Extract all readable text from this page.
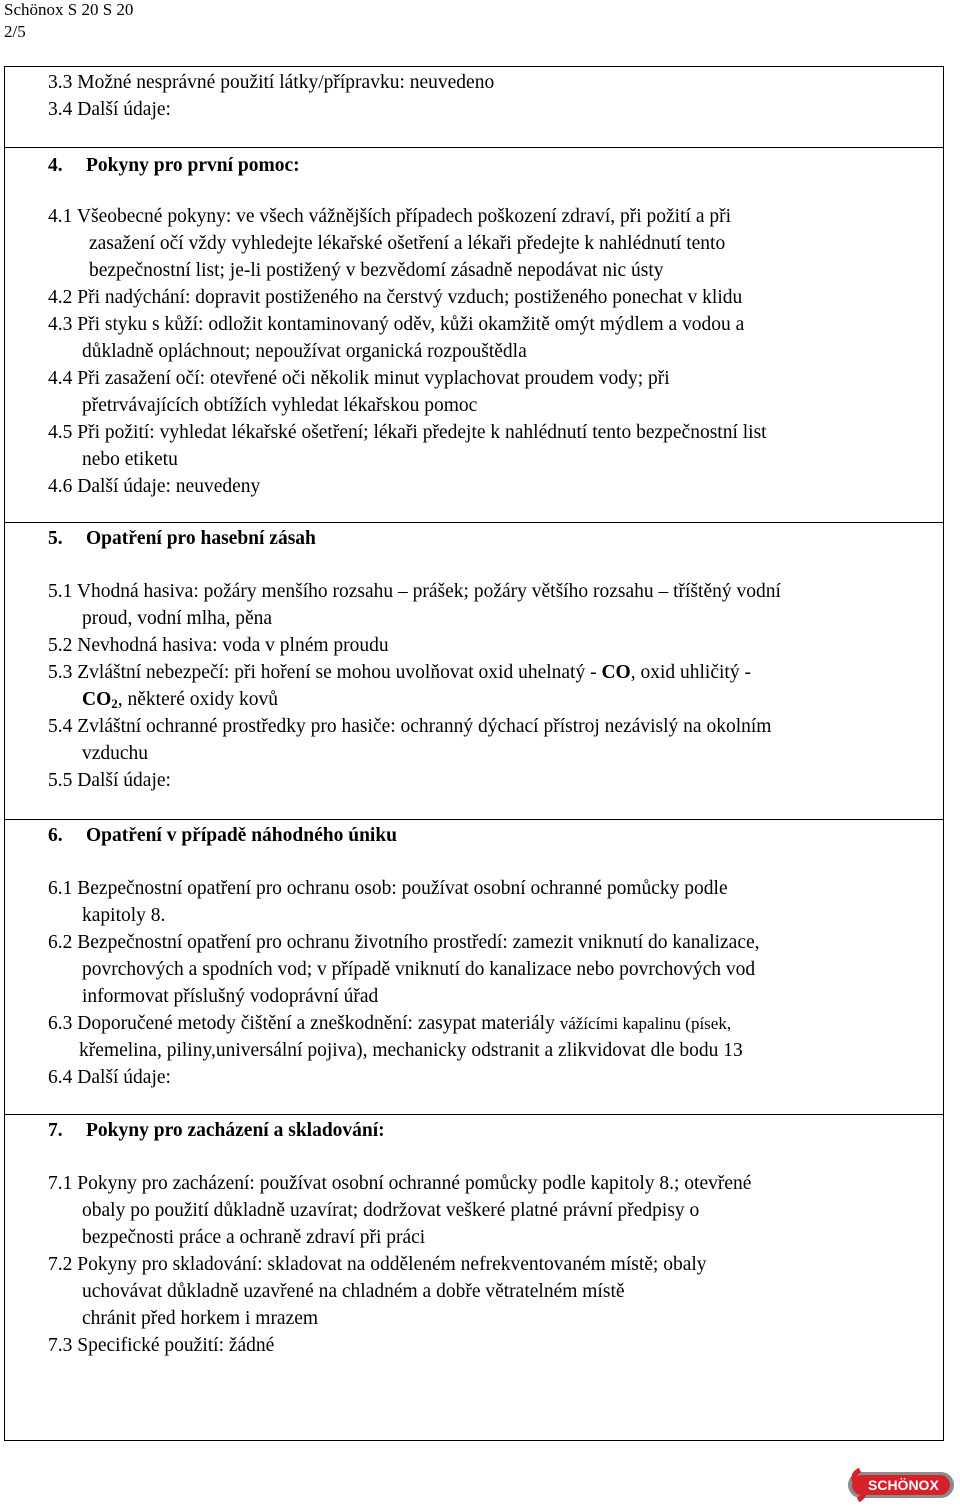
Schönox S 20 S 20
2/5
3.3 Možné nesprávné použití látky/přípravku: neuvedeno
3.4 Další údaje:
4. Pokyny pro první pomoc:
4.1 Všeobecné pokyny: ve všech vážnějších případech poškození zdraví, při požití a při
zasažení očí vždy vyhledejte lékařské ošetření a lékaři předejte k nahlédnutí tento
bezpečnostní list; je-li postižený v bezvědomí zásadně nepodávat nic ústy
4.2 Při nadýchání: dopravit postiženého na čerstvý vzduch; postiženého ponechat v klidu
4.3 Při styku s kůží: odložit kontaminovaný oděv, kůži okamžitě omýt mýdlem a vodou a
důkladně opláchnout; nepoužívat organická rozpouštědla
4.4 Při zasažení očí: otevřené oči několik minut vyplachovat proudem vody; při
přetrvávajících obtížích vyhledat lékařskou pomoc
4.5 Při požití: vyhledat lékařské ošetření; lékaři předejte k nahlédnutí tento bezpečnostní list
nebo etiketu
4.6 Další údaje: neuvedeny
5. Opatření pro hasební zásah
5.1 Vhodná hasiva: požáry menšího rozsahu – prášek; požáry většího rozsahu – tříštěný vodní
proud, vodní mlha, pěna
5.2 Nevhodná hasiva: voda v plném proudu
5.3 Zvláštní nebezpečí: při hoření se mohou uvolňovat oxid uhelnatý - CO, oxid uhličitý -
CO2, některé oxidy kovů
5.4 Zvláštní ochranné prostředky pro hasiče: ochranný dýchací přístroj nezávislý na okolním
vzduchu
5.5 Další údaje:
6. Opatření v případě náhodného úniku
6.1 Bezpečnostní opatření pro ochranu osob: používat osobní ochranné pomůcky podle
kapitoly 8.
6.2 Bezpečnostní opatření pro ochranu životního prostředí: zamezit vniknutí do kanalizace,
povrchových a spodních vod; v případě vniknutí do kanalizace nebo povrchových vod
informovat příslušný vodoprávní úřad
6.3 Doporučené metody čištění a zneškodnění: zasypat materiály vážícími kapalinu (písek,
křemelina, piliny,universální pojiva), mechanicky odstranit a zlikvidovat dle bodu 13
6.4 Další údaje:
7. Pokyny pro zacházení a skladování:
7.1 Pokyny pro zacházení: používat osobní ochranné pomůcky podle kapitoly 8.; otevřené
obaly po použití důkladně uzavírat; dodržovat veškeré platné právní předpisy o
bezpečnosti práce a ochraně zdraví při práci
7.2 Pokyny pro skladování: skladovat na odděleném nefrekventovaném místě; obaly
uchovávat důkladně uzavřené na chladném a dobře větratelném místě
chránit před horkem i mrazem
7.3 Specifické použití: žádné
SCHÖNOX
